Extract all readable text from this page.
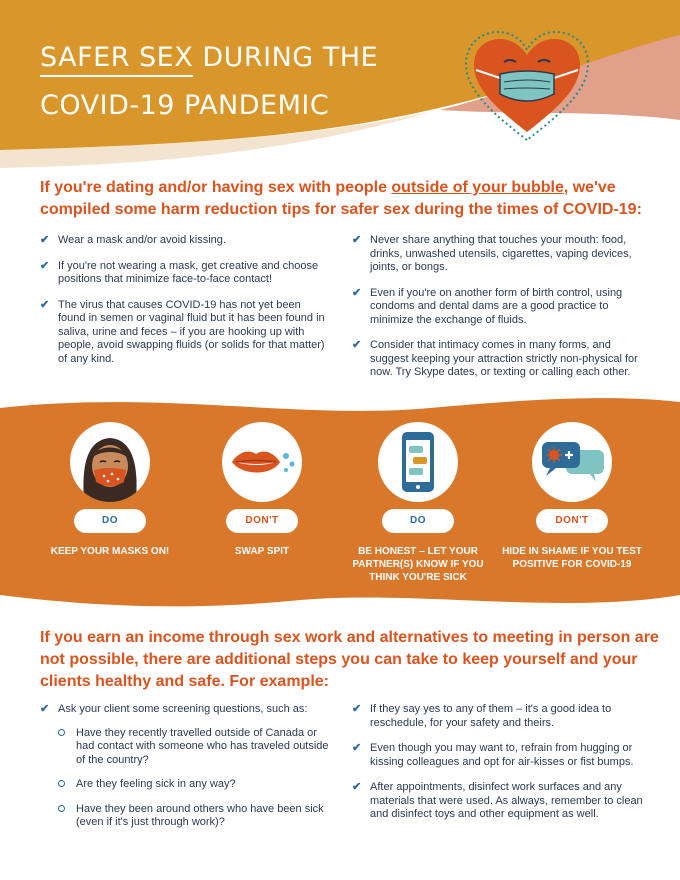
SAFER SEX DURING THE
COVID-19 PANDEMIC
If you're dating and/or having sex with people outside of your bubble, we've compiled some harm reduction tips for safer sex during the times of COVID-19:
✔ Wear a mask and/or avoid kissing.
✔ If you're not wearing a mask, get creative and choose positions that minimize face-to-face contact!
✔ The virus that causes COVID-19 has not yet been found in semen or vaginal fluid but it has been found in saliva, urine and feces – if you are hooking up with people, avoid swapping fluids (or solids for that matter) of any kind.
✔ Never share anything that touches your mouth: food, drinks, unwashed utensils, cigarettes, vaping devices, joints, or bongs.
✔ Even if you're on another form of birth control, using condoms and dental dams are a good practice to minimize the exchange of fluids.
✔ Consider that intimacy comes in many forms, and suggest keeping your attraction strictly non-physical for now. Try Skype dates, or texting or calling each other.
DO
KEEP YOUR MASKS ON!
DON'T
SWAP SPIT
DO
BE HONEST – LET YOUR PARTNER(S) KNOW IF YOU THINK YOU'RE SICK
DON'T
HIDE IN SHAME IF YOU TEST POSITIVE FOR COVID-19
If you earn an income through sex work and alternatives to meeting in person are not possible, there are additional steps you can take to keep yourself and your clients healthy and safe. For example:
✔ Ask your client some screening questions, such as:
Have they recently travelled outside of Canada or had contact with someone who has traveled outside of the country?
Are they feeling sick in any way?
Have they been around others who have been sick (even if it's just through work)?
✔ If they say yes to any of them – it's a good idea to reschedule, for your safety and theirs.
✔ Even though you may want to, refrain from hugging or kissing colleagues and opt for air-kisses or fist bumps.
✔ After appointments, disinfect work surfaces and any materials that were used. As always, remember to clean and disinfect toys and other equipment as well.
